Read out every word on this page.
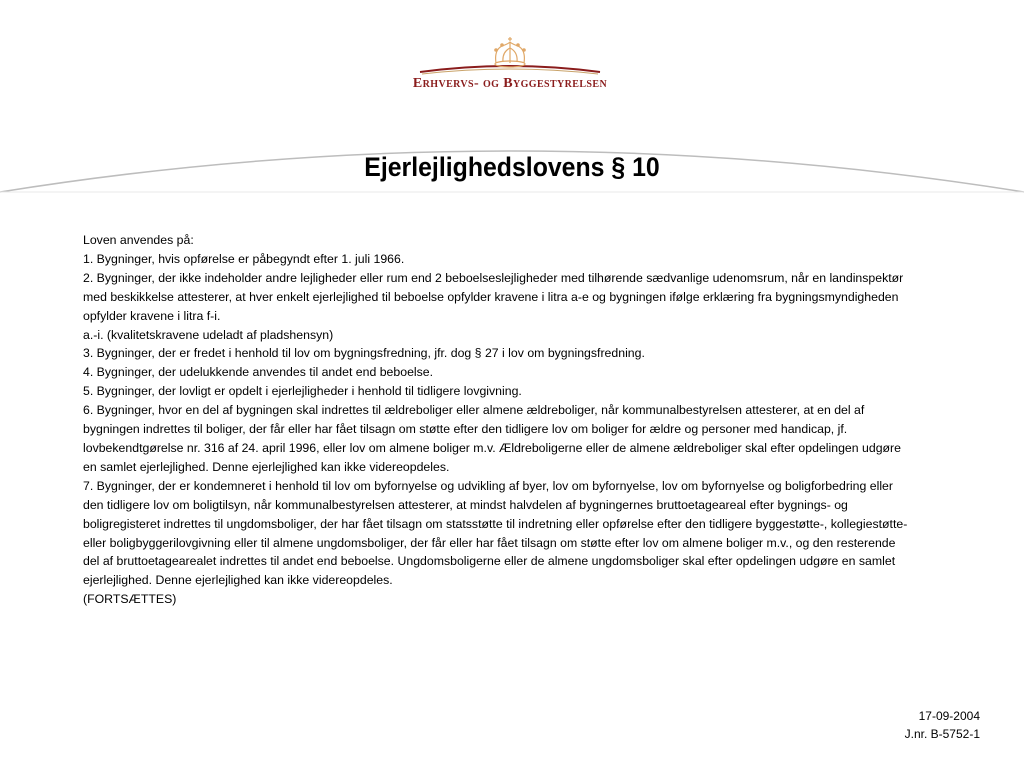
Erhvervs- og Byggestyrelsen
Ejerlejlighedslovens § 10
Loven anvendes på:
1. Bygninger, hvis opførelse er påbegyndt efter 1. juli 1966.
2. Bygninger, der ikke indeholder andre lejligheder eller rum end 2 beboelseslejligheder med tilhørende sædvanlige udenomsrum, når en landinspektør
med beskikkelse attesterer, at hver enkelt ejerlejlighed til beboelse opfylder kravene i litra a-e og bygningen ifølge erklæring fra bygningsmyndigheden
opfylder kravene i litra f-i.
a.-i. (kvalitetskravene udeladt af pladshensyn)
3. Bygninger, der er fredet i henhold til lov om bygningsfredning, jfr. dog § 27 i lov om bygningsfredning.
4. Bygninger, der udelukkende anvendes til andet end beboelse.
5. Bygninger, der lovligt er opdelt i ejerlejligheder i henhold til tidligere lovgivning.
6. Bygninger, hvor en del af bygningen skal indrettes til ældreboliger eller almene ældreboliger, når kommunalbestyrelsen attesterer, at en del af
bygningen indrettes til boliger, der får eller har fået tilsagn om støtte efter den tidligere lov om boliger for ældre og personer med handicap, jf.
lovbekendtgørelse nr. 316 af 24. april 1996, eller lov om almene boliger m.v. Ældreboligerne eller de almene ældreboliger skal efter opdelingen udgøre
en samlet ejerlejlighed. Denne ejerlejlighed kan ikke videreopdeles.
7. Bygninger, der er kondemneret i henhold til lov om byfornyelse og udvikling af byer, lov om byfornyelse, lov om byfornyelse og boligforbedring eller
den tidligere lov om boligtilsyn, når kommunalbestyrelsen attesterer, at mindst halvdelen af bygningernes bruttoetageareal efter bygnings- og
boligregisteret indrettes til ungdomsboliger, der har fået tilsagn om statsstøtte til indretning eller opførelse efter den tidligere byggestøtte-, kollegiestøtte-
eller boligbyggerilovgivning eller til almene ungdomsboliger, der får eller har fået tilsagn om støtte efter lov om almene boliger m.v., og den resterende
del af bruttoetagearealet indrettes til andet end beboelse. Ungdomsboligerne eller de almene ungdomsboliger skal efter opdelingen udgøre en samlet
ejerlejlighed. Denne ejerlejlighed kan ikke videreopdeles.
(FORTSÆTTES)
17-09-2004
J.nr. B-5752-1
